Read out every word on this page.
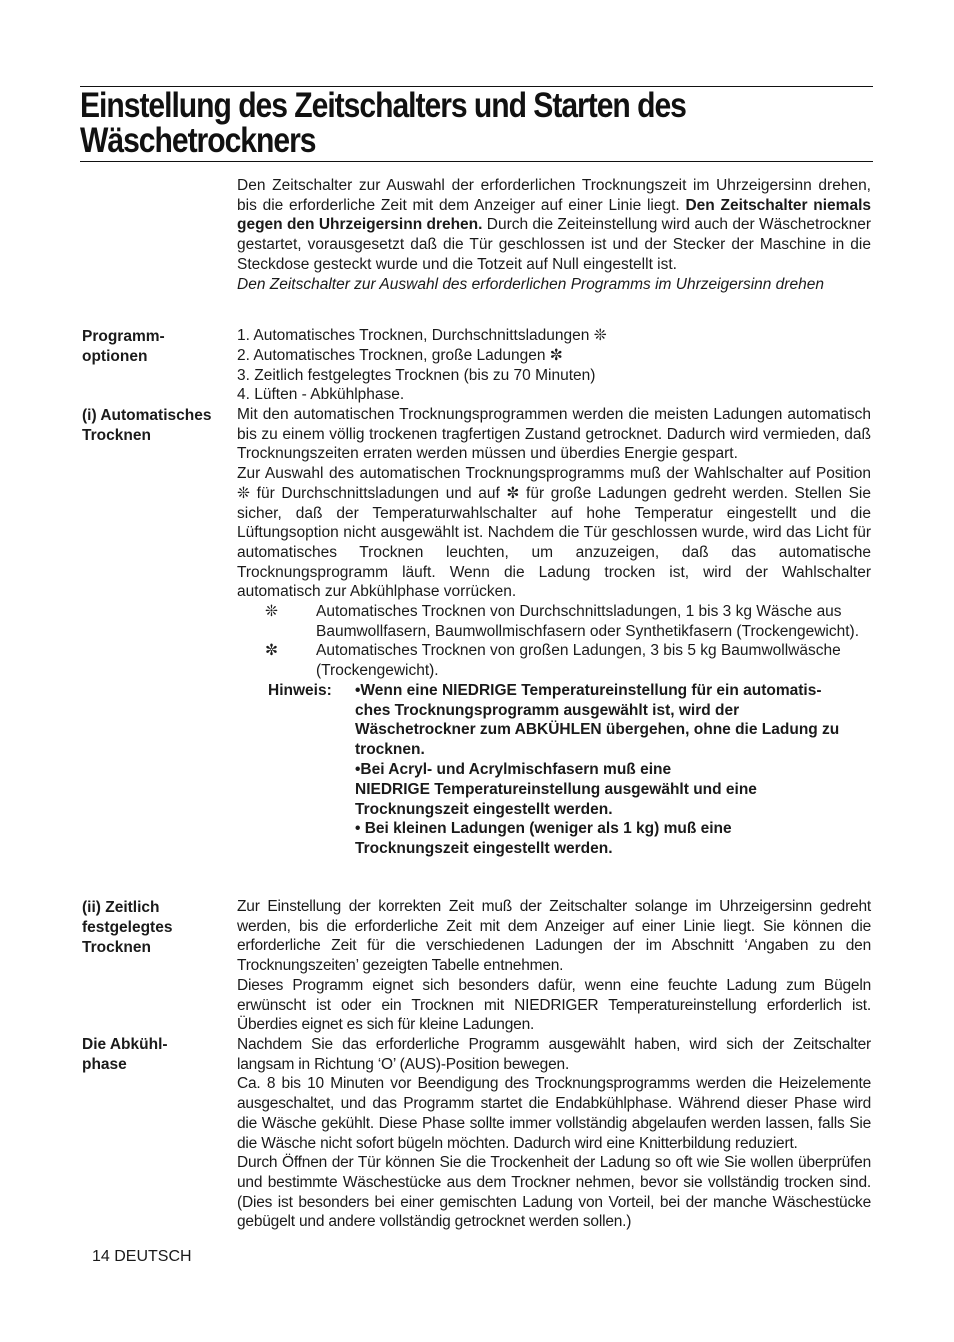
Einstellung des Zeitschalters und Starten des
Wäschetrockners

Den Zeitschalter zur Auswahl der erforderlichen Trocknungszeit im Uhrzeigersinn drehen, bis die erforderliche Zeit mit dem Anzeiger auf einer Linie liegt. Den Zeitschalter niemals gegen den Uhrzeigersinn drehen. Durch die Zeiteinstellung wird auch der Wäschetrockner gestartet, vorausgesetzt daß die Tür geschlossen ist und der Stecker der Maschine in die Steckdose gesteckt wurde und die Totzeit auf Null eingestellt ist.

Den Zeitschalter zur Auswahl des erforderlichen Programms im Uhrzeigersinn drehen

Programm-
optionen
1. Automatisches Trocknen, Durchschnittsladungen ❊
2. Automatisches Trocknen, große Ladungen ✼
3. Zeitlich festgelegtes Trocknen (bis zu 70 Minuten)
4. Lüften - Abkühlphase.
(i) Automatisches
Trocknen

Mit den automatischen Trocknungsprogrammen werden die meisten Ladungen automatisch bis zu einem völlig trockenen tragfertigen Zustand getrocknet. Dadurch wird vermieden, daß Trocknungszeiten erraten werden müssen und überdies Energie gespart.

Zur Auswahl des automatischen Trocknungsprogramms muß der Wahlschalter auf Position ❊ für Durchschnittsladungen und auf ✼ für große Ladungen gedreht werden. Stellen Sie sicher, daß der Temperaturwahlschalter auf hohe Temperatur eingestellt und die Lüftungsoption nicht ausgewählt ist. Nachdem die Tür geschlossen wurde, wird das Licht für automatisches Trocknen leuchten, um anzuzeigen, daß das automatische Trocknungsprogramm läuft. Wenn die Ladung trocken ist, wird der Wahlschalter automatisch zur Abkühlphase vorrücken.

❊ Automatisches Trocknen von Durchschnittsladungen, 1 bis 3 kg Wäsche aus Baumwollfasern, Baumwollmischfasern oder Synthetikfasern (Trockengewicht).
✼ Automatisches Trocknen von großen Ladungen, 3 bis 5 kg Baumwollwäsche (Trockengewicht).
Hinweis:	•Wenn eine NIEDRIGE Temperatureinstellung für ein automatis-
ches Trocknungsprogramm ausgewählt ist, wird der
Wäschetrockner zum ABKÜHLEN übergehen, ohne die Ladung zu
trocknen.
•Bei Acryl- und Acrylmischfasern muß eine
NIEDRIGE Temperatureinstellung ausgewählt und eine
Trocknungszeit eingestellt werden.
• Bei kleinen Ladungen (weniger als 1 kg) muß eine
Trocknungszeit eingestellt werden.
(ii) Zeitlich
festgelegtes
Trocknen

Zur Einstellung der korrekten Zeit muß der Zeitschalter solange im Uhrzeigersinn gedreht werden, bis die erforderliche Zeit mit dem Anzeiger auf einer Linie liegt. Sie können die erforderliche Zeit für die verschiedenen Ladungen der im Abschnitt ‘Angaben zu den Trocknungszeiten’ gezeigten Tabelle entnehmen.

Dieses Programm eignet sich besonders dafür, wenn eine feuchte Ladung zum Bügeln erwünscht ist oder ein Trocknen mit NIEDRIGER Temperatureinstellung erforderlich ist. Überdies eignet es sich für kleine Ladungen.

Die Abkühl-
phase

Nachdem Sie das erforderliche Programm ausgewählt haben, wird sich der Zeitschalter langsam in Richtung ‘O’ (AUS)-Position bewegen.

Ca. 8 bis 10 Minuten vor Beendigung des Trocknungsprogramms werden die Heizelemente ausgeschaltet, und das Programm startet die Endabkühlphase. Während dieser Phase wird die Wäsche gekühlt. Diese Phase sollte immer vollständig abgelaufen werden lassen, falls Sie die Wäsche nicht sofort bügeln möchten. Dadurch wird eine Knitterbildung reduziert.

Durch Öffnen der Tür können Sie die Trockenheit der Ladung so oft wie Sie wollen überprüfen und bestimmte Wäschestücke aus dem Trockner nehmen, bevor sie vollständig trocken sind. (Dies ist besonders bei einer gemischten Ladung von Vorteil, bei der manche Wäschestücke gebügelt und andere vollständig getrocknet werden sollen.)

14 DEUTSCH
